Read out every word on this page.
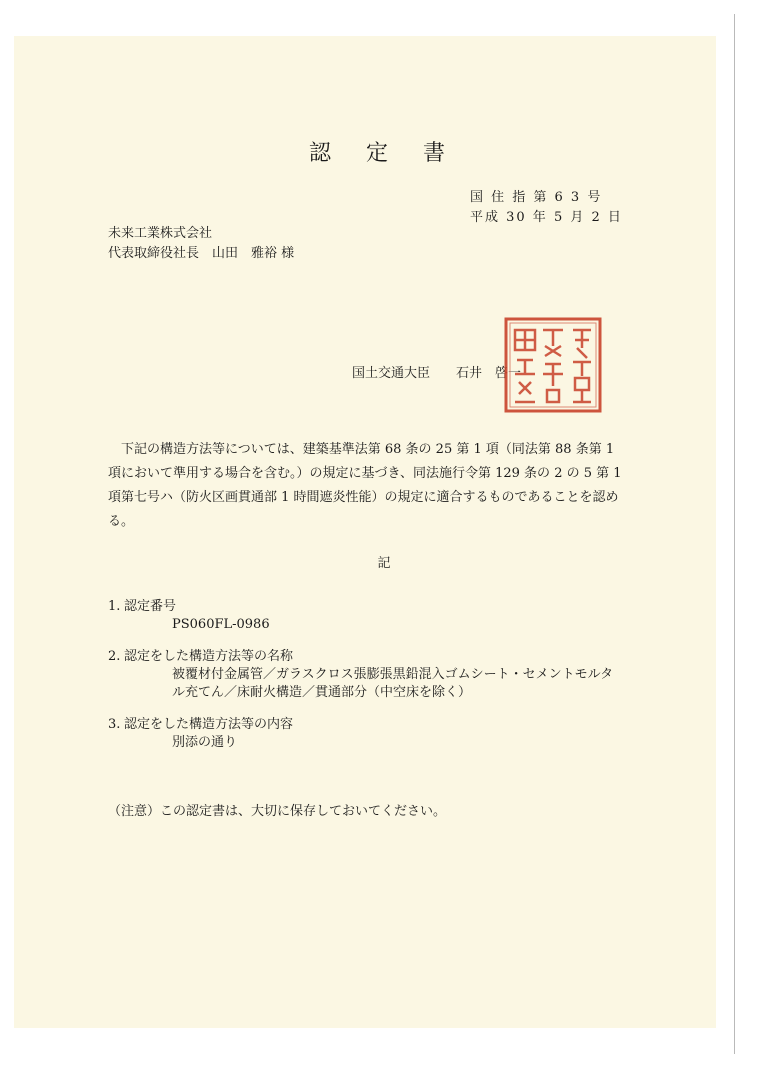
認 定 書
国 住 指 第 6 3 号
平成 30 年 5 月 2 日
未来工業株式会社
代表取締役社長　山田　雅裕 様
国土交通大臣 石井　啓一
下記の構造方法等については、建築基準法第 68 条の 25 第 1 項（同法第 88 条第 1 項において準用する場合を含む。）の規定に基づき、同法施行令第 129 条の 2 の 5 第 1 項第七号ハ（防火区画貫通部 1 時間遮炎性能）の規定に適合するものであることを認める。
記
1. 認定番号
PS060FL-0986
2. 認定をした構造方法等の名称
被覆材付金属管／ガラスクロス張膨張黒鉛混入ゴムシート・セメントモルタル充てん／床耐火構造／貫通部分（中空床を除く）
3. 認定をした構造方法等の内容
別添の通り
（注意）この認定書は、大切に保存しておいてください。
